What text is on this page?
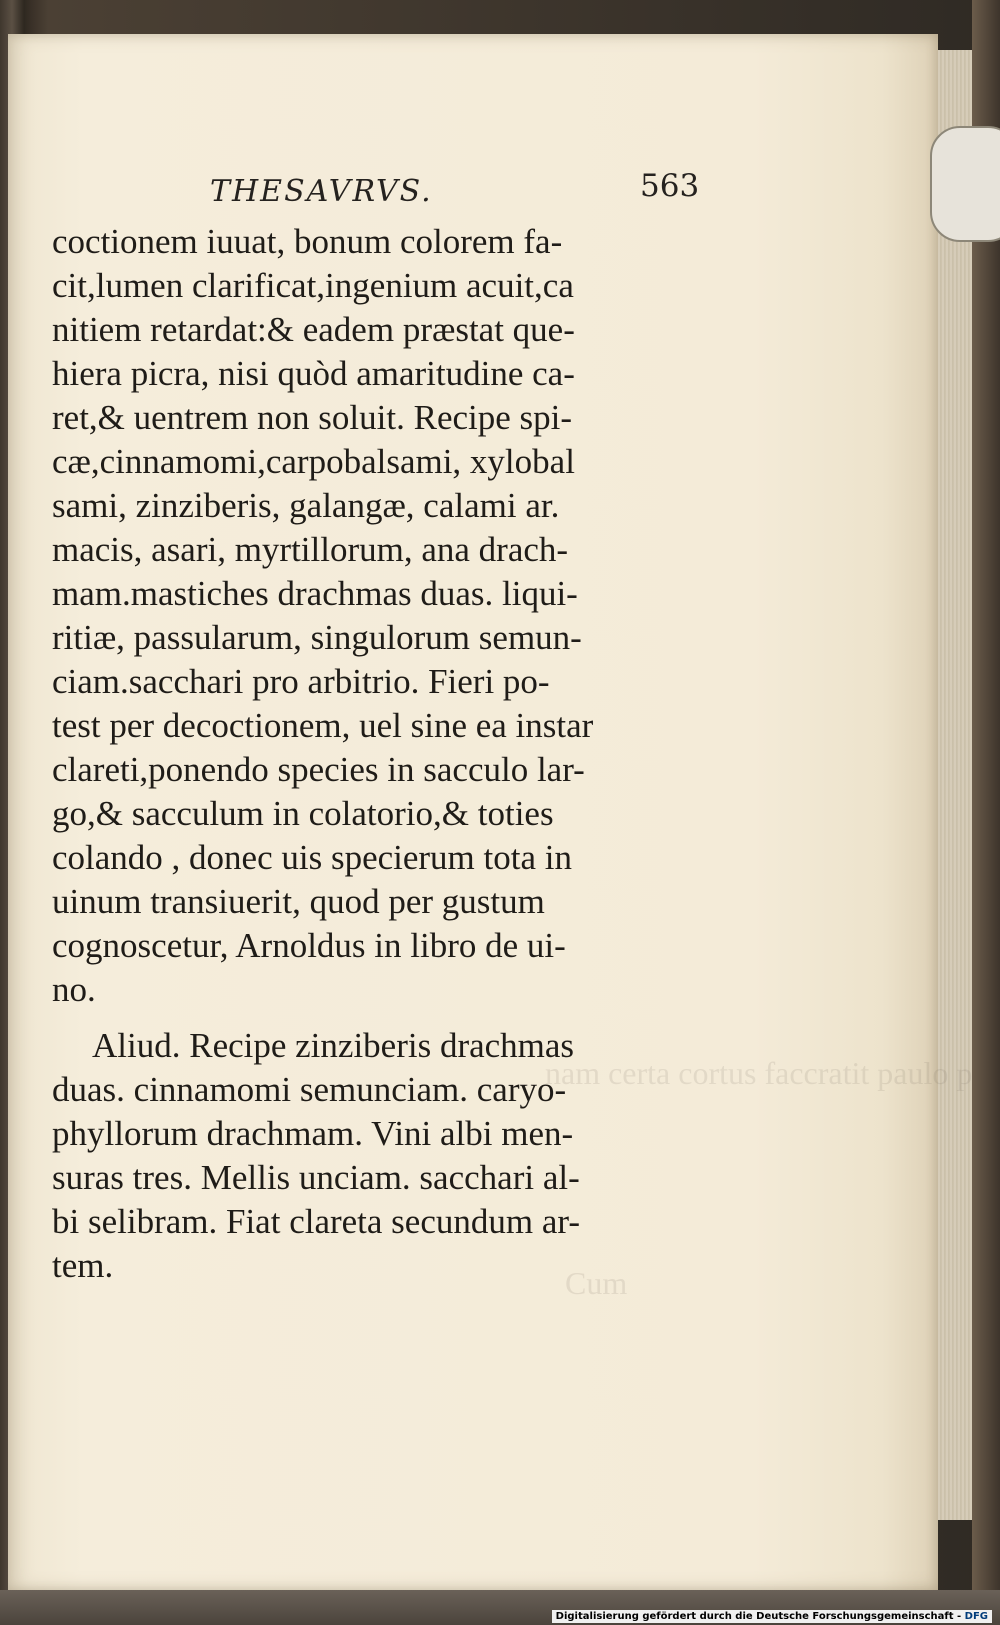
nam certa cortus faccratit paulo p
Cum
THESAVRVS.	563
coctionem iuuat, bonum colorem fa-
cit,lumen clarificat,ingenium acuit,ca
nitiem retardat:& eadem præstat que-
hiera picra, nisi quòd amaritudine ca-
ret,& uentrem non soluit. Recipe spi-
cæ,cinnamomi,carpobalsami, xylobal
sami, zinziberis, galangæ, calami ar.
macis, asari, myrtillorum, ana drach-
mam.mastiches drachmas duas. liqui-
ritiæ, passularum, singulorum semun-
ciam.sacchari pro arbitrio. Fieri po-
test per decoctionem, uel sine ea instar
clareti,ponendo species in sacculo lar-
go,& sacculum in colatorio,& toties
colando , donec uis specierum tota in
uinum transiuerit, quod per gustum
cognoscetur, Arnoldus in libro de ui-
no.
Aliud. Recipe zinziberis drachmas
duas. cinnamomi semunciam. caryo-
phyllorum drachmam. Vini albi men-
suras tres. Mellis unciam. sacchari al-
bi selibram. Fiat clareta secundum ar-
tem.
Digitalisierung gefördert durch die Deutsche Forschungsgemeinschaft - DFG
